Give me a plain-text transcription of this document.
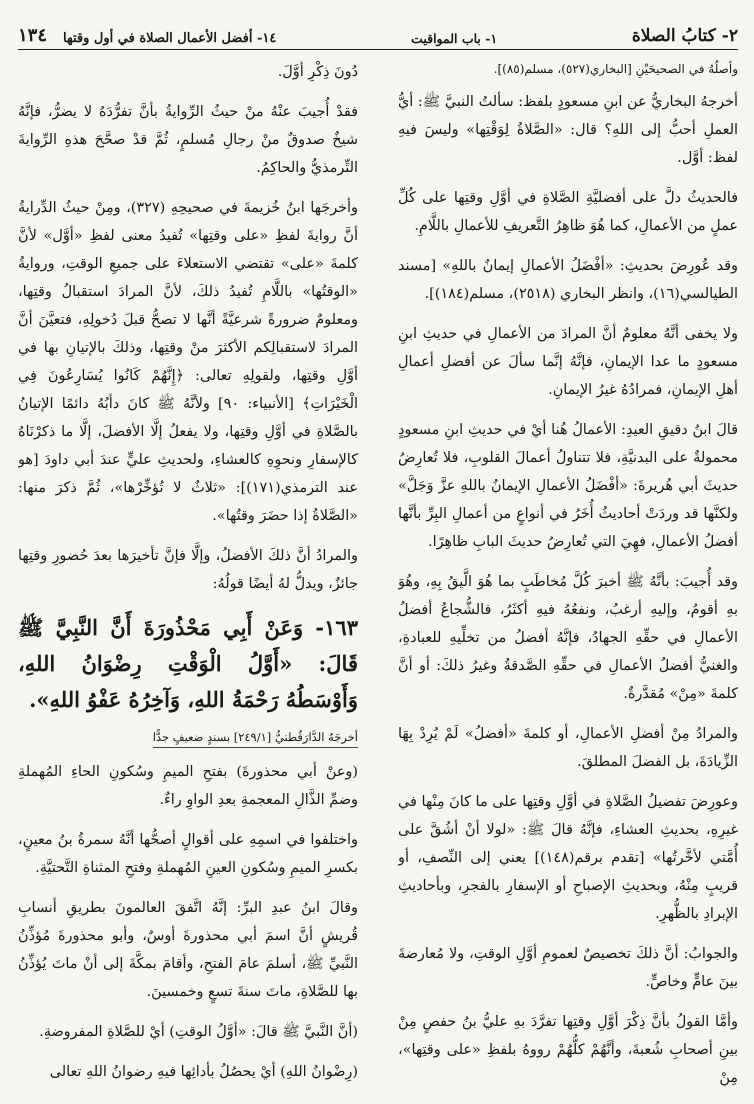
٢- كتابُ الصلاة
١- باب المواقيت
١٤- أفضل الأعمال الصلاة في أول وقتها
١٣٤

وأصلُهُ في الصحيحَيْنِ [البخاري(٥٢٧)، مسلم(٨٥)].

أخرجهُ البخاريُّ عن ابنِ مسعودٍ بلفظ: سألتُ النبيَّ ﷺ: أيُّ العملِ أحبُّ إلى اللهِ؟ قال: «الصَّلاةُ لِوَقْتِها» وليسَ فيهِ لفظ: أوَّل.

فالحديثُ دلَّ على أفضليَّةِ الصَّلاةِ في أوَّلِ وقتِها على كُلِّ عملٍ من الأعمالِ، كما هُوَ ظاهِرُ التَّعريفِ للأعمالِ باللَّامِ.

وقد عُورِضَ بحديثِ: «أفْضَلُ الأعمالِ إيمانٌ باللهِ» [مسند الطيالسي(١٦)، وانظر البخاري (٢٥١٨)، مسلم(١٨٤)].

ولا يخفى أنَّهُ معلومٌ أنَّ المرادَ من الأعمالِ في حديثِ ابنِ مسعودٍ ما عدا الإيمانِ، فإنَّهُ إنَّما سألَ عن أفضلِ أعمالِ أهلِ الإيمانِ، فمرادُهُ غيرُ الإيمانِ.

قالَ ابنُ دقيقِ العيدِ: الأعمالُ هُنا أيْ في حديثِ ابنِ مسعودٍ محمولةٌ على البدنيَّةِ، فلا تتناولُ أعمالَ القلوبِ، فلا تُعارِضُ حديثَ أبي هُريرةَ: «أفْضَلُ الأعمالِ الإيمانُ باللهِ عزَّ وَجَلَّ» ولكنَّها قد وردَتْ أحاديثُ أُخَرُ في أنواعٍ من أعمالِ البِرِّ بأنَّها أفضلُ الأعمالِ، فهِيَ التي تُعارِضُ حديثَ البابِ ظاهِرًا.

وقد أُجيبَ: بأنَّهُ ﷺ أخبرَ كُلَّ مُخاطَبٍ بما هُوَ الَّيقُ بِهِ، وهُوَ بهِ أقومُ، وإليهِ أرغبُ، ونفعُهُ فيهِ أكثَرُ، فالشُّجاعُ أفضلُ الأعمالِ في حقِّهِ الجهادُ، فإنَّهُ أفضلُ من تخلِّيهِ للعبادةِ، والغنيُّ أفضلُ الأعمالِ في حقِّهِ الصَّدقةُ وغيرُ ذلكَ: أو أنَّ كلمةَ «مِنْ» مُقدَّرةٌ.

والمرادُ مِنْ أفضلِ الأعمالِ، أو كلمةَ «أفضلُ» لَمْ يُرِدْ بِهَا الزِّيادَةَ، بل الفضلَ المطلقَ.

وعورِضَ تفضيلُ الصَّلاةِ في أوَّلِ وقتِها على ما كانَ مِنْها في غيرِهِ، بحديثِ العشاءِ، فإنَّهُ قالَ ﷺ: «لولا أنْ أشُقَّ على أُمَّتي لأخَّرتُها» [تقدم برقم(١٤٨)] يعني إلى النِّصفِ، أو قريبٍ مِنْهُ، وبحديثِ الإصباحِ أو الإسفارِ بالفجرِ، وبأحاديثِ الإبرادِ بالظُّهرِ.

والجوابُ: أنَّ ذلكَ تخصيصٌ لعمومِ أوَّلِ الوقتِ، ولا مُعارضةَ بينَ عامٍّ وخاصٍّ.

وأمَّا القولُ بأنَّ ذِكْرَ أوَّلِ وقتِها تفرَّدَ بهِ عليُّ بنُ حفصٍ مِنْ بينِ أصحابِ شُعبةَ، وأنَّهُمْ كلُّهُمْ رووهُ بلفظِ «على وقتِها»، مِنْ

دُونَ ذِكْرِ أوَّلَ.

فقدْ أُجيبَ عنْهُ منْ حيثُ الرِّوايةُ بأنَّ تفرُّدَهُ لا يضرُّ، فإنَّهُ شيخٌ صدوقٌ منْ رجالِ مُسلمٍ، ثُمَّ قدْ صحَّحَ هذهِ الرِّوايةَ التِّرمذيُّ والحاكِمُ.

وأخرجَها ابنُ خُزيمةَ في صحيحِهِ (٣٢٧)، ومِنْ حيثُ الدِّرايةُ أنَّ روايةَ لفظِ «على وقتِها» تُفيدُ معنى لفظِ «أوَّل» لأنَّ كلمةَ «على» تقتضي الاستعلاءَ على جميعِ الوقتِ، وروايةُ «الوقتُها» باللَّامِ تُفيدُ ذلكَ، لأنَّ المرادَ استقبالُ وقتِها، ومعلومٌ ضرورةً شرعيَّةً أنَّها لا تصحُّ قبلَ دُخولِهِ، فتعيَّنَ أنَّ المرادَ لاستقبالِكم الأكثرَ منْ وقتِها، وذلكَ بالإتيانِ بها في أوَّلِ وقتِها، ولقولِهِ تعالى: ﴿إِنَّهُمْ كَانُوا يُسَارِعُونَ فِي الْخَيْرَاتِ﴾ [الأنبياء: ٩٠] ولأنَّهُ ﷺ كانَ دأبُهُ دائمًا الإتيانُ بالصَّلاةِ في أوَّلِ وقتِها، ولا يفعلُ إلَّا الأفضلَ، إلَّا ما ذكرْنَاهُ كالإسفارِ ونحوِهِ كالعشاءِ، ولحديثِ عليٍّ عندَ أبي داودَ [هو عند الترمذي(١٧١)]: «ثلاثٌ لا تُؤخِّرْها»، ثُمَّ ذكرَ منها: «الصَّلاةُ إذا حضَرَ وقتُها».

والمرادُ أنَّ ذلكَ الأفضلُ، وإلَّا فإنَّ تأخيرَها بعدَ حُضورِ وقتِها جائزٌ، ويدلُّ لهُ أيضًا قولُهُ:

١٦٣- وَعَنْ أَبِي مَحْذُورَةَ أَنَّ النَّبِيَّ ﷺ قَالَ: «أَوَّلُ الْوَقْتِ رِضْوَانُ اللهِ، وَأَوْسَطُهُ رَحْمَةُ اللهِ، وَآخِرُهُ عَفْوُ اللهِ».
أخرجَهُ الدَّارَقُطنيُّ [٢٤٩/١] بسندٍ ضعيفٍ جدًّا

(وعنْ أبي محذورةَ) بفتحِ الميمِ وسُكونِ الحاءِ المُهملةِ وضمِّ الذَّالِ المعجمةِ بعدِ الواوِ راءٌ.

واختلفوا في اسمِهِ على أقوالٍ أصحُّها أنَّهُ سمرةُ بنُ معينٍ، بكسرِ الميمِ وسُكونِ العينِ المُهملةِ وفتحِ المثناةِ التَّحتيَّةِ.

وقالَ ابنُ عبدِ البرِّ: إنَّهُ اتَّفقَ العالمونَ بطريقِ أنسابِ قُريشٍ أنَّ اسمَ أبي محذورةَ أوسٌ، وأبو محذورةَ مُؤذِّنُ النَّبيِّ ﷺ، أسلمَ عامَ الفتحِ، وأقامَ بمكَّةَ إلى أنْ ماتَ يُؤذِّنُ بها للصَّلاةِ، ماتَ سنةَ تسعٍ وخمسينَ.

(أنَّ النَّبيَّ ﷺ قالَ: «أوَّلُ الوقتِ) أيْ للصَّلاةِ المفروضةِ.

(رِضْوانُ اللهِ) أيْ يحصُلُ بأدائِها فيهِ رضوانُ اللهِ تعالى
